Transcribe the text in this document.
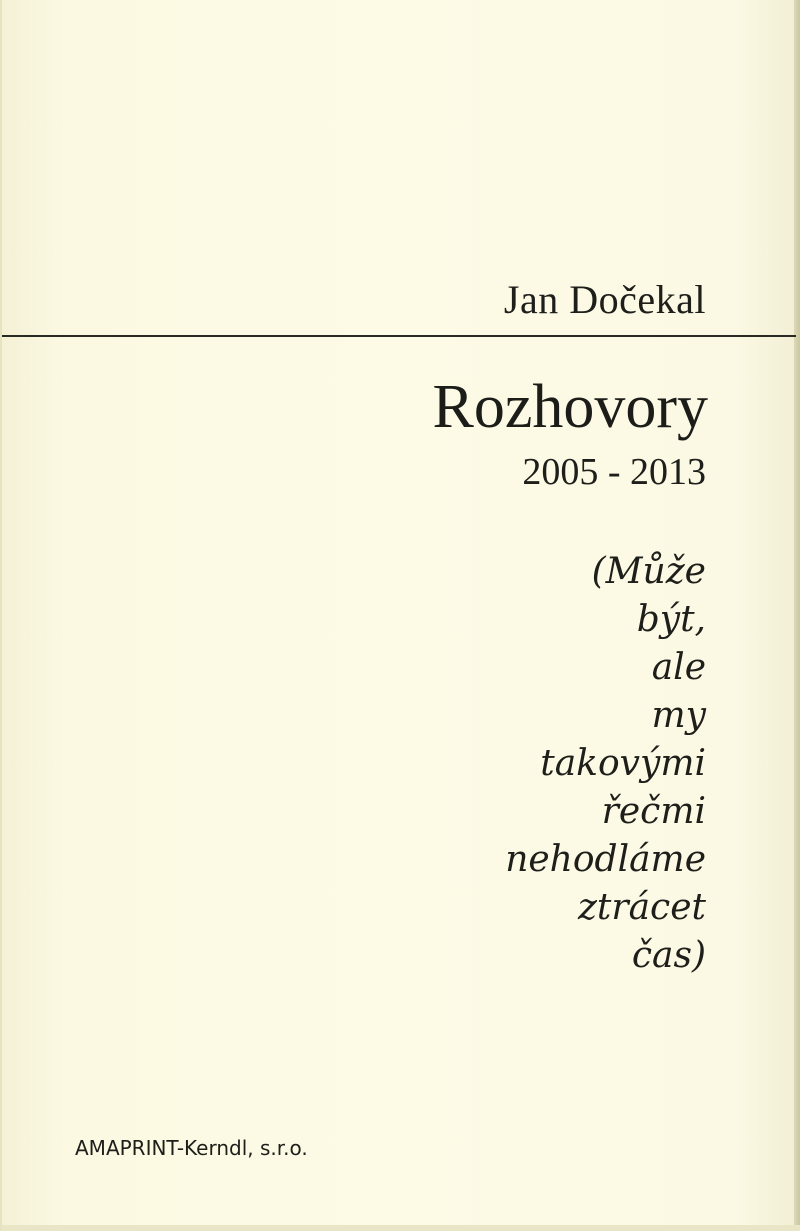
Jan Dočekal
Rozhovory
2005 - 2013
(Může
být,
ale
my
takovými
řečmi
nehodláme
ztrácet
čas)
AMAPRINT-Kerndl, s.r.o.
